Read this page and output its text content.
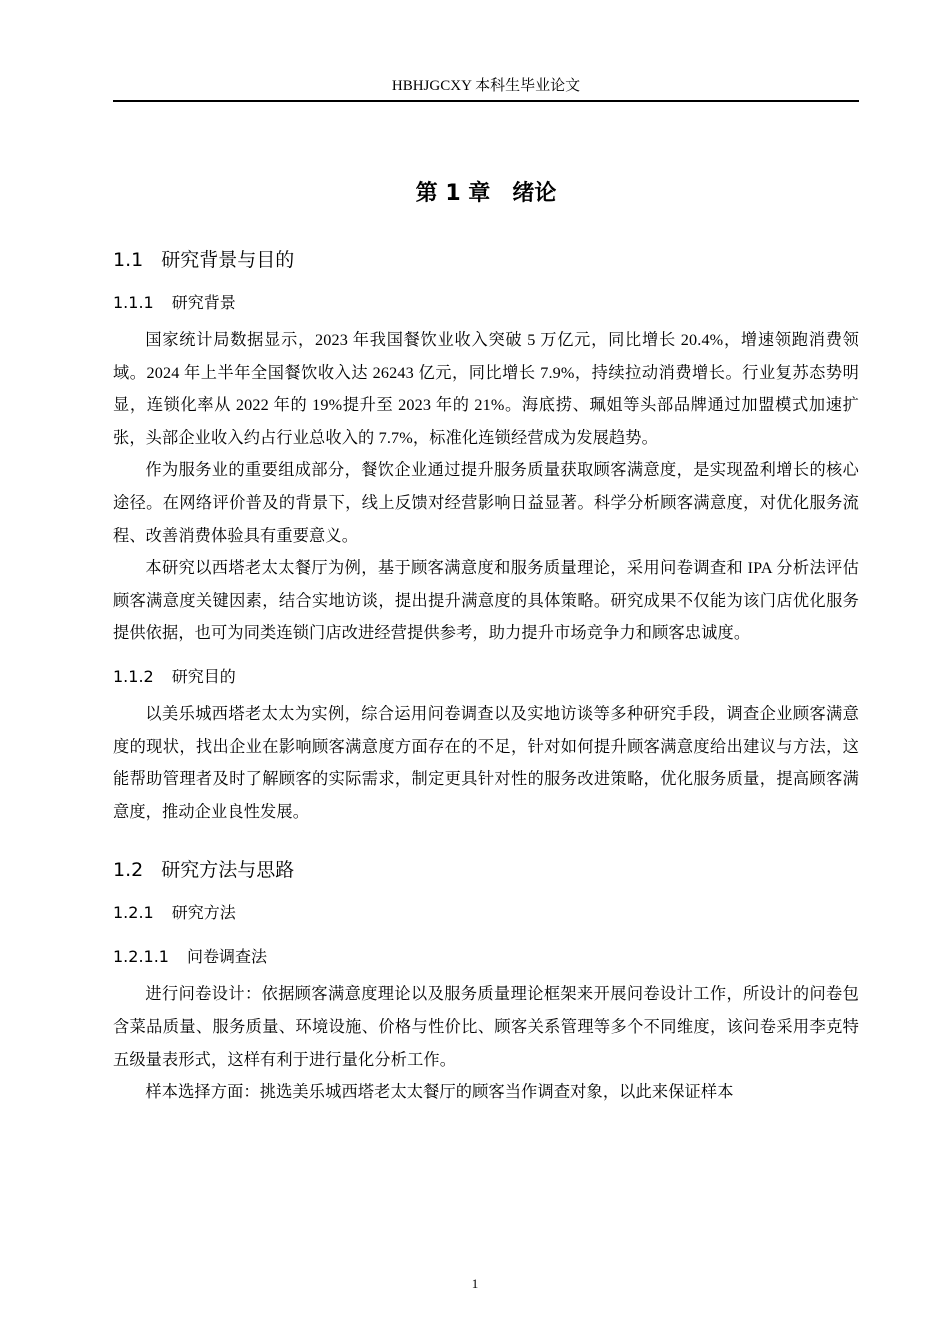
HBHJGCXY 本科生毕业论文
第 1 章 绪论
1.1 研究背景与目的
1.1.1 研究背景

国家统计局数据显示，2023 年我国餐饮业收入突破 5 万亿元，同比增长 20.4%，增速领跑消费领域。2024 年上半年全国餐饮收入达 26243 亿元，同比增长 7.9%，持续拉动消费增长。行业复苏态势明显，连锁化率从 2022 年的 19%提升至 2023 年的 21%。海底捞、珮姐等头部品牌通过加盟模式加速扩张，头部企业收入约占行业总收入的 7.7%，标准化连锁经营成为发展趋势。

作为服务业的重要组成部分，餐饮企业通过提升服务质量获取顾客满意度，是实现盈利增长的核心途径。在网络评价普及的背景下，线上反馈对经营影响日益显著。科学分析顾客满意度，对优化服务流程、改善消费体验具有重要意义。

本研究以西塔老太太餐厅为例，基于顾客满意度和服务质量理论，采用问卷调查和 IPA 分析法评估顾客满意度关键因素，结合实地访谈，提出提升满意度的具体策略。研究成果不仅能为该门店优化服务提供依据，也可为同类连锁门店改进经营提供参考，助力提升市场竞争力和顾客忠诚度。

1.1.2 研究目的

以美乐城西塔老太太为实例，综合运用问卷调查以及实地访谈等多种研究手段，调查企业顾客满意度的现状，找出企业在影响顾客满意度方面存在的不足，针对如何提升顾客满意度给出建议与方法，这能帮助管理者及时了解顾客的实际需求，制定更具针对性的服务改进策略，优化服务质量，提高顾客满意度，推动企业良性发展。

1.2 研究方法与思路
1.2.1 研究方法
1.2.1.1 问卷调查法

进行问卷设计：依据顾客满意度理论以及服务质量理论框架来开展问卷设计工作，所设计的问卷包含菜品质量、服务质量、环境设施、价格与性价比、顾客关系管理等多个不同维度，该问卷采用李克特五级量表形式，这样有利于进行量化分析工作。

样本选择方面：挑选美乐城西塔老太太餐厅的顾客当作调查对象，以此来保证样本

1
